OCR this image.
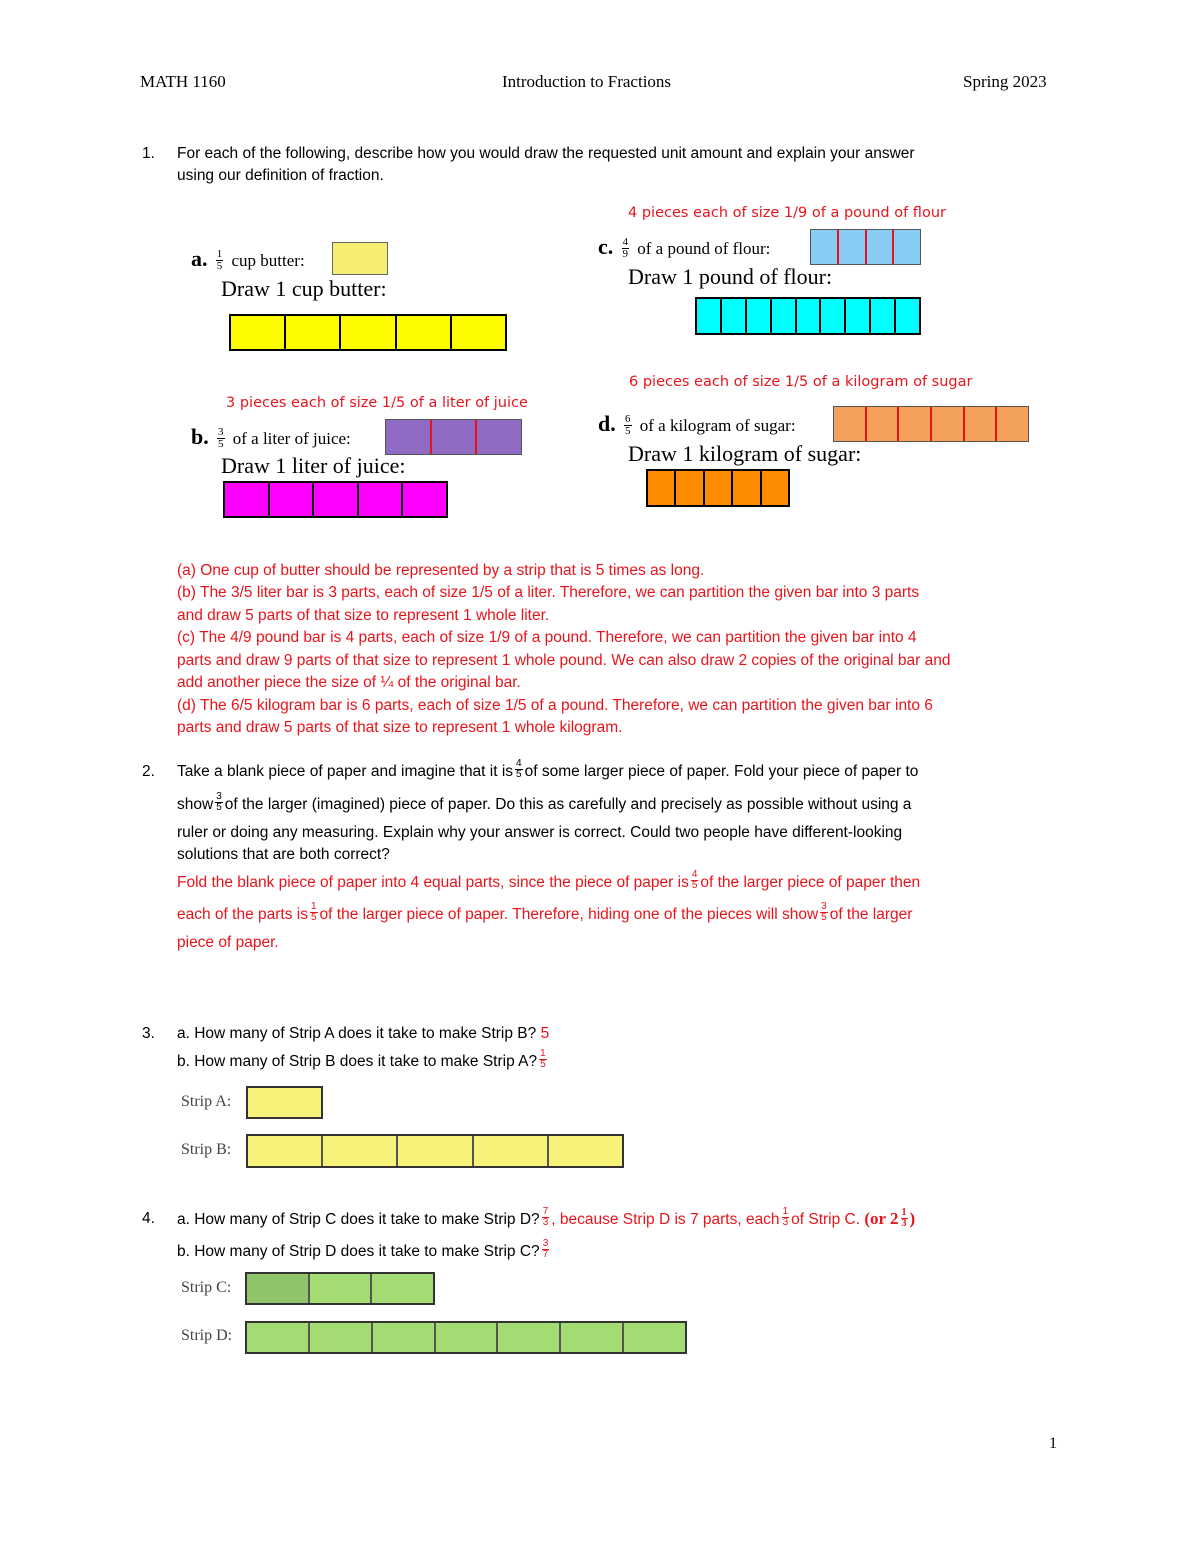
MATH 1160	Introduction to Fractions	Spring 2023
1. For each of the following, describe how you would draw the requested unit amount and explain your answer
using our definition of fraction.
a. $\frac{1}{5}$ cup butter:
Draw 1 cup butter:
3 pieces each of size 1/5 of a liter of juice
b. $\frac{3}{5}$ of a liter of juice:
Draw 1 liter of juice:
4 pieces each of size 1/9 of a pound of flour
c. $\frac{4}{9}$ of a pound of flour:
Draw 1 pound of flour:
6 pieces each of size 1/5 of a kilogram of sugar
d. $\frac{6}{5}$ of a kilogram of sugar:
Draw 1 kilogram of sugar:
(a) One cup of butter should be represented by a strip that is 5 times as long.
(b) The 3/5 liter bar is 3 parts, each of size 1/5 of a liter. Therefore, we can partition the given bar into 3 parts
and draw 5 parts of that size to represent 1 whole liter.
(c) The 4/9 pound bar is 4 parts, each of size 1/9 of a pound. Therefore, we can partition the given bar into 4
parts and draw 9 parts of that size to represent 1 whole pound. We can also draw 2 copies of the original bar and
add another piece the size of ¼ of the original bar.
(d) The 6/5 kilogram bar is 6 parts, each of size 1/5 of a pound. Therefore, we can partition the given bar into 6
parts and draw 5 parts of that size to represent 1 whole kilogram.
2. Take a blank piece of paper and imagine that it is $\frac{4}{5}$ of some larger piece of paper. Fold your piece of paper to
show $\frac{3}{5}$ of the larger (imagined) piece of paper. Do this as carefully and precisely as possible without using a
ruler or doing any measuring. Explain why your answer is correct. Could two people have different-looking
solutions that are both correct?
Fold the blank piece of paper into 4 equal parts, since the piece of paper is $\frac{4}{5}$ of the larger piece of paper then
each of the parts is $\frac{1}{5}$ of the larger piece of paper. Therefore, hiding one of the pieces will show $\frac{3}{5}$ of the larger
piece of paper.
3. a. How many of Strip A does it take to make Strip B? 5
b. How many of Strip B does it take to make Strip A? $\frac{1}{5}$
Strip A:
Strip B:
4. a. How many of Strip C does it take to make Strip D? $\frac{7}{3}$ , because Strip D is 7 parts, each $\frac{1}{3}$ of Strip C. (or $2 \frac{1}{3}$ )
b. How many of Strip D does it take to make Strip C? $\frac{3}{7}$
Strip C:
Strip D:
1
